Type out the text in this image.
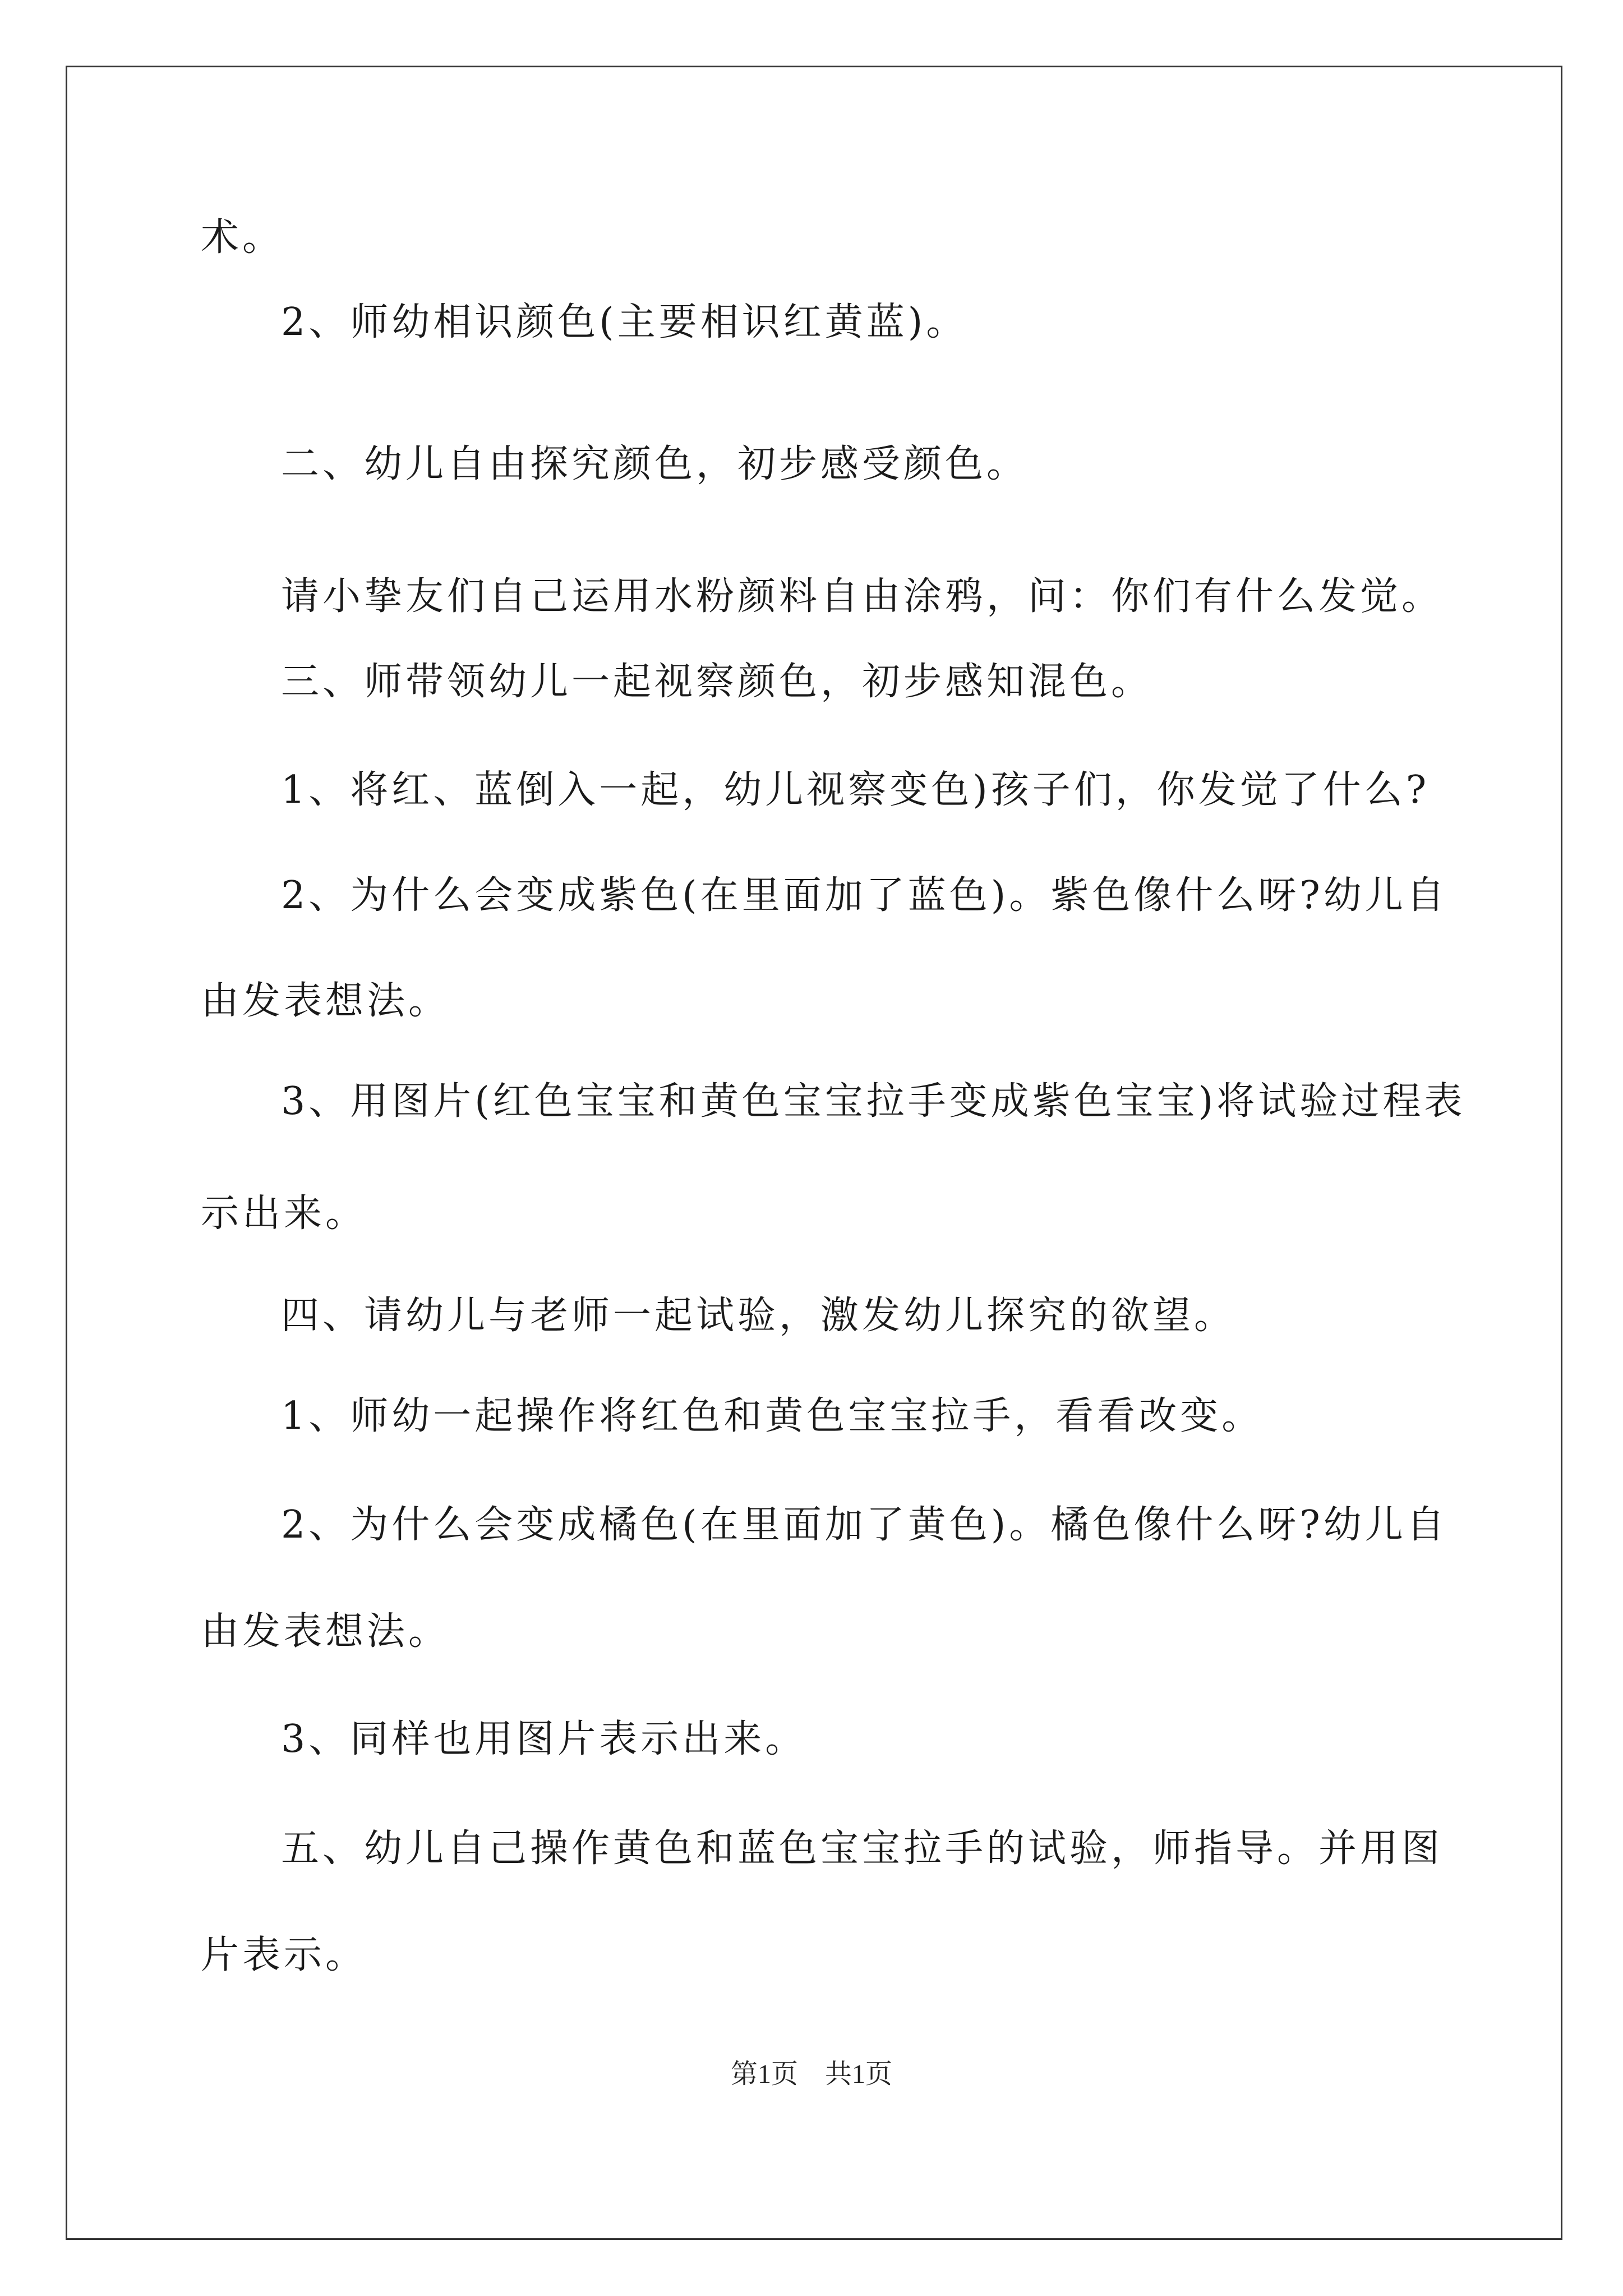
术。
2、师幼相识颜色(主要相识红黄蓝)。
二、幼儿自由探究颜色，初步感受颜色。
请小挚友们自己运用水粉颜料自由涂鸦，问：你们有什么发觉。
三、师带领幼儿一起视察颜色，初步感知混色。
1、将红、蓝倒入一起，幼儿视察变色)孩子们，你发觉了什么?
2、为什么会变成紫色(在里面加了蓝色)。紫色像什么呀?幼儿自
由发表想法。
3、用图片(红色宝宝和黄色宝宝拉手变成紫色宝宝)将试验过程表
示出来。
四、请幼儿与老师一起试验，激发幼儿探究的欲望。
1、师幼一起操作将红色和黄色宝宝拉手，看看改变。
2、为什么会变成橘色(在里面加了黄色)。橘色像什么呀?幼儿自
由发表想法。
3、同样也用图片表示出来。
五、幼儿自己操作黄色和蓝色宝宝拉手的试验，师指导。并用图
片表示。
第1页　共1页
